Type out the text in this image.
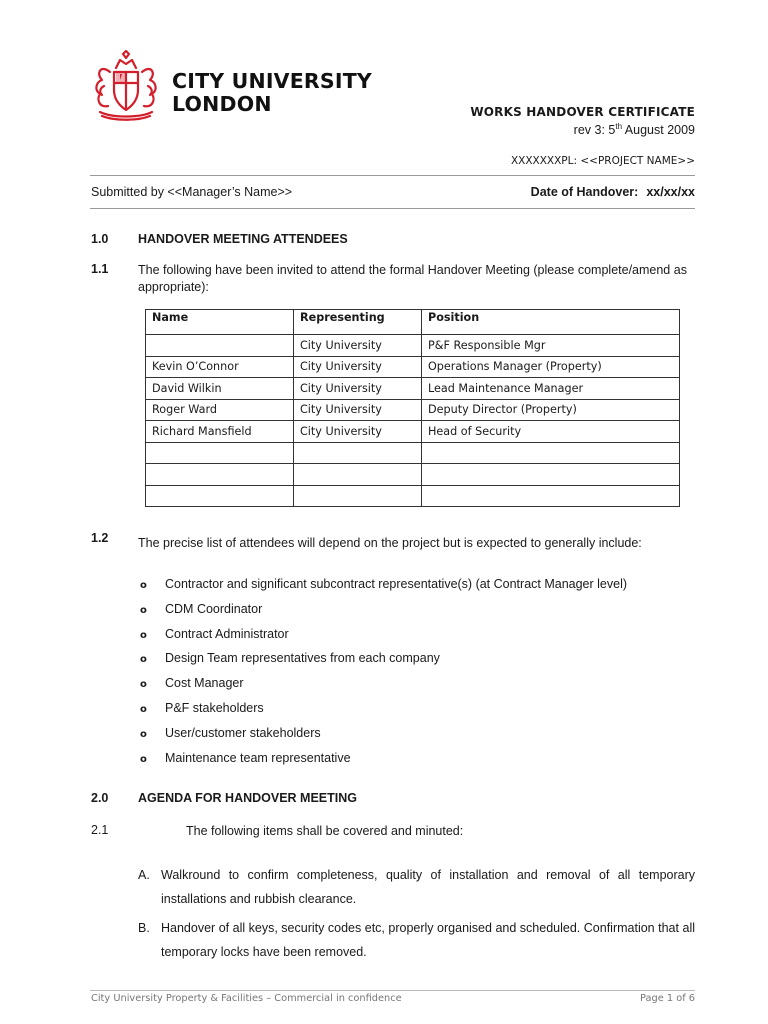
CITY UNIVERSITY
LONDON	WORKS HANDOVER CERTIFICATE
rev 3: 5th August 2009
XXXXXXXPL: <<PROJECT NAME>>
Submitted by <<Manager’s Name>>	Date of Handover: xx/xx/xx
1.0 HANDOVER MEETING ATTENDEES
1.1 The following have been invited to attend the formal Handover Meeting (please complete/amend as appropriate):
Name	Representing	Position
	City University	P&F Responsible Mgr
Kevin O’Connor	City University	Operations Manager (Property)
David Wilkin	City University	Lead Maintenance Manager
Roger Ward	City University	Deputy Director (Property)
Richard Mansfield	City University	Head of Security

1.2 The precise list of attendees will depend on the project but is expected to generally include:
o Contractor and significant subcontract representative(s) (at Contract Manager level)
o CDM Coordinator
o Contract Administrator
o Design Team representatives from each company
o Cost Manager
o P&F stakeholders
o User/customer stakeholders
o Maintenance team representative
2.0 AGENDA FOR HANDOVER MEETING
2.1	The following items shall be covered and minuted:
A. Walkround to confirm completeness, quality of installation and removal of all temporary installations and rubbish clearance.
B. Handover of all keys, security codes etc, properly organised and scheduled. Confirmation that all temporary locks have been removed.
City University Property & Facilities – Commercial in confidence	Page 1 of 6
